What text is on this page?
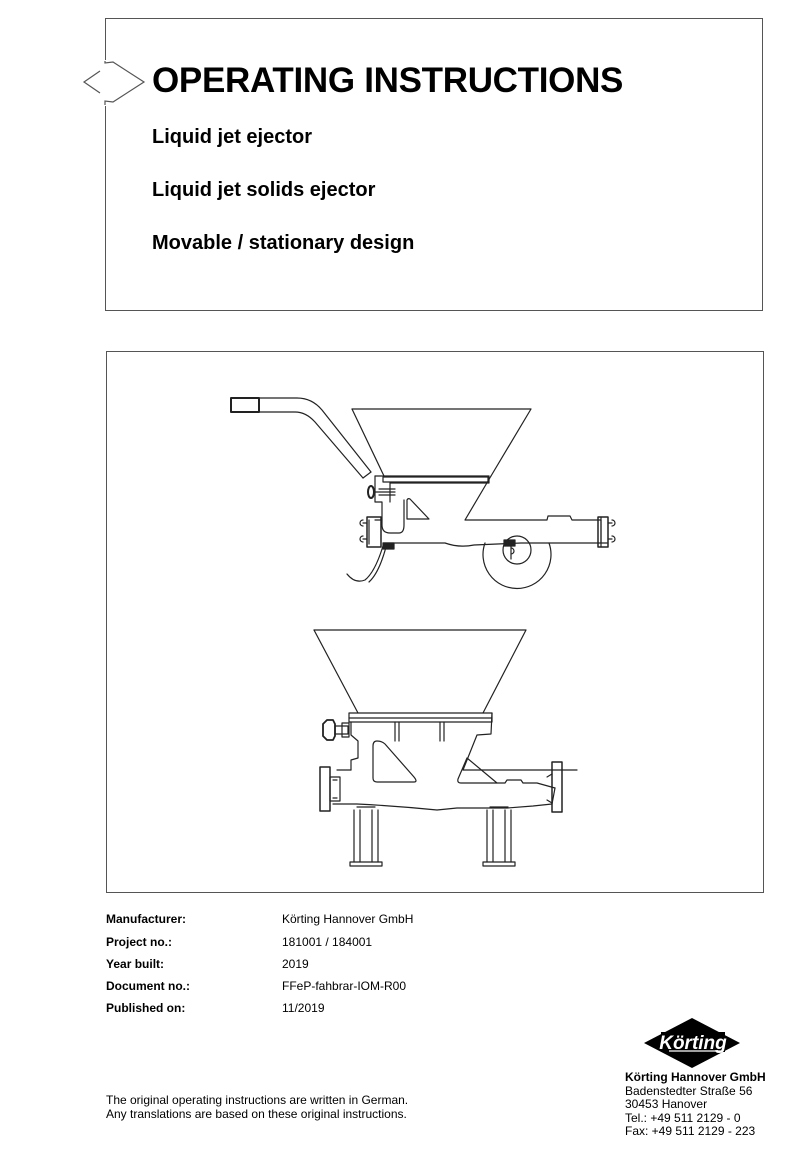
OPERATING INSTRUCTIONS
Liquid jet ejector
Liquid jet solids ejector
Movable / stationary design
Manufacturer:	Körting Hannover GmbH
Project no.:	181001 / 184001
Year built:	2019
Document no.:	FFeP-fahbrar-IOM-R00
Published on:	11/2019
Körting
Körting Hannover GmbH
Badenstedter Straße 56
30453 Hanover
Tel.: +49 511 2129 - 0
Fax: +49 511 2129 - 223
The original operating instructions are written in German.
Any translations are based on these original instructions.
